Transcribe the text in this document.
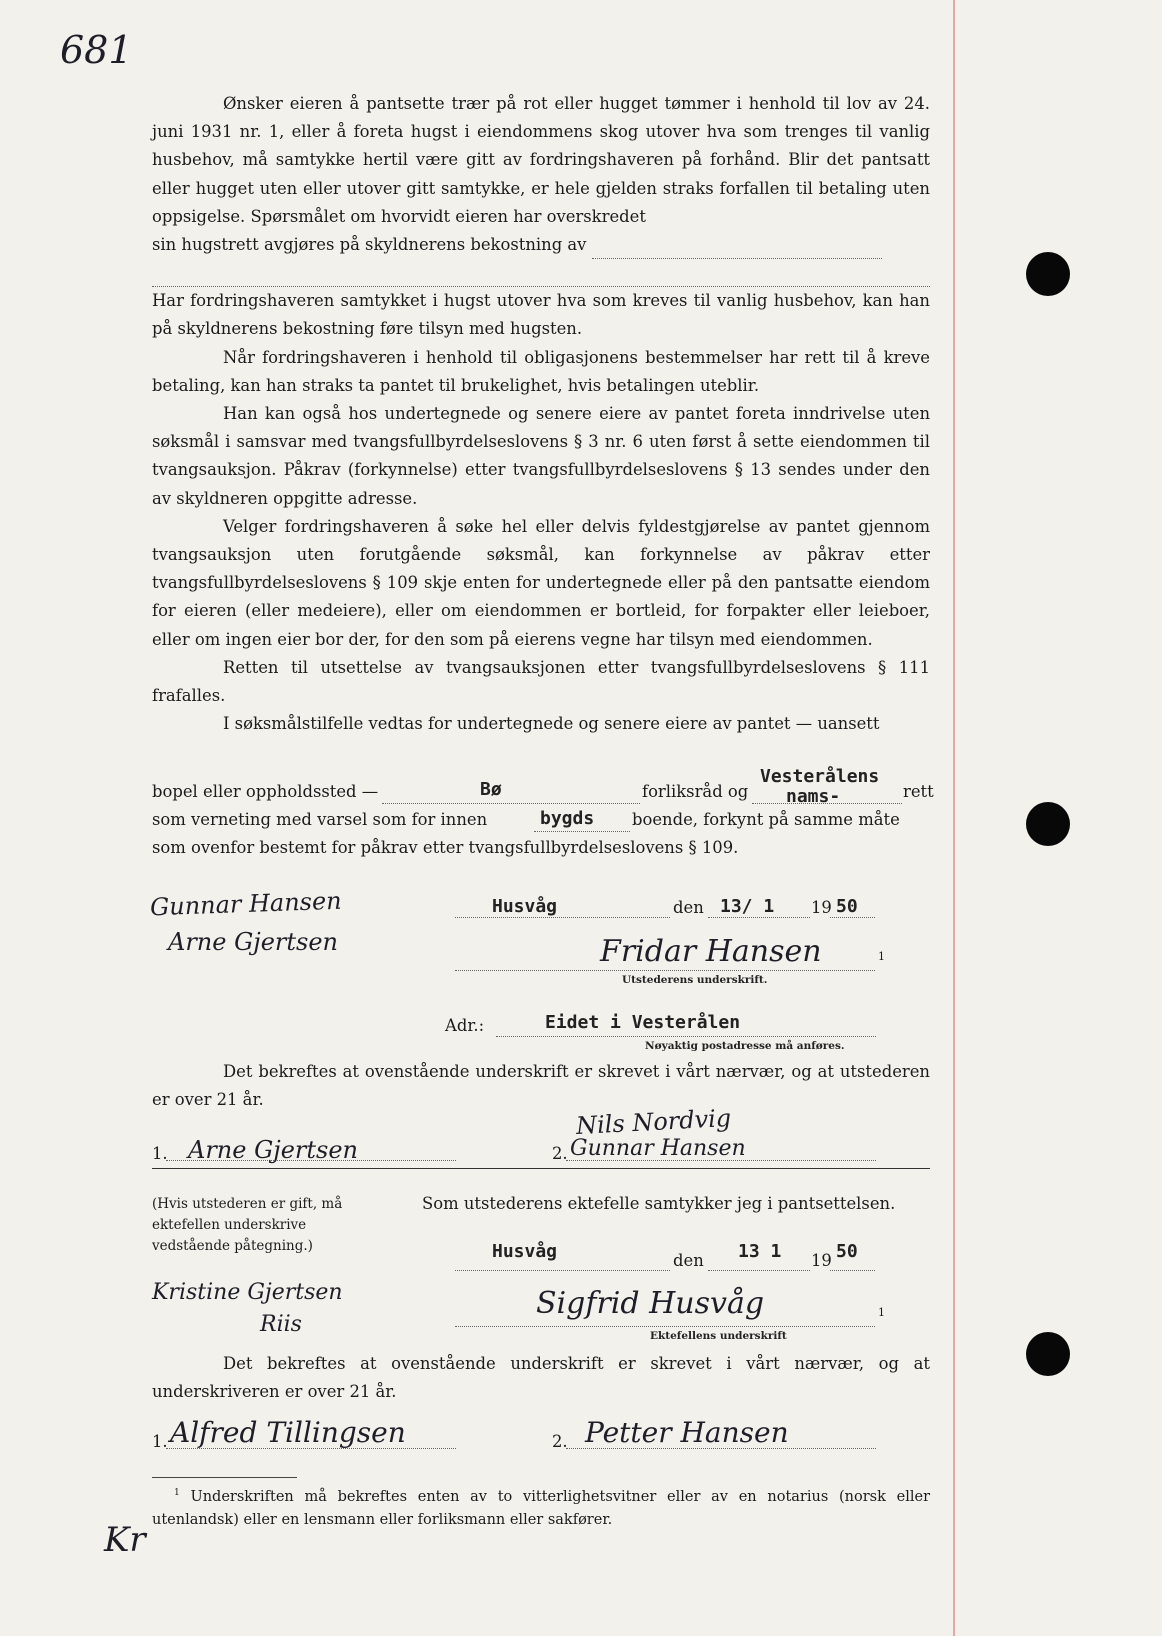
681

Ønsker eieren å pantsette trær på rot eller hugget tømmer i henhold til lov av 24. juni 1931 nr. 1, eller å foreta hugst i eiendommens skog utover hva som trenges til vanlig husbehov, må samtykke hertil være gitt av fordringshaveren på forhånd. Blir det pantsatt eller hugget uten eller utover gitt samtykke, er hele gjelden straks forfallen til betaling uten oppsigelse. Spørsmålet om hvorvidt eieren har overskredet

sin hugstrett avgjøres på skyldnerens bekostning av

Har fordringshaveren samtykket i hugst utover hva som kreves til vanlig husbehov, kan han på skyldnerens bekostning føre tilsyn med hugsten.

Når fordringshaveren i henhold til obligasjonens bestemmelser har rett til å kreve betaling, kan han straks ta pantet til brukelighet, hvis betalingen uteblir.

Han kan også hos undertegnede og senere eiere av pantet foreta inndrivelse uten søksmål i samsvar med tvangsfullbyrdelseslovens § 3 nr. 6 uten først å sette eiendommen til tvangsauksjon. Påkrav (forkynnelse) etter tvangsfullbyrdelseslovens § 13 sendes under den av skyldneren oppgitte adresse.

Velger fordringshaveren å søke hel eller delvis fyldestgjørelse av pantet gjennom tvangsauksjon uten forutgående søksmål, kan forkynnelse av påkrav etter tvangsfullbyrdelseslovens § 109 skje enten for undertegnede eller på den pantsatte eiendom for eieren (eller medeiere), eller om eiendommen er bortleid, for forpakter eller leieboer, eller om ingen eier bor der, for den som på eierens vegne har tilsyn med eiendommen.

Retten til utsettelse av tvangsauksjonen etter tvangsfullbyrdelseslovens § 111 frafalles.

I søksmålstilfelle vedtas for undertegnede og senere eiere av pantet — uansett

bopel eller oppholdssted —	Bø	forliksråd og
Vesterålens
nams-	rett
som verneting med varsel som for innen	bygds boende, forkynt på samme måte
som ovenfor bestemt for påkrav etter tvangsfullbyrdelseslovens § 109.
Gunnar Hansen
Arne Gjertsen
Husvåg	den 13/ 1 19 50
Fridar Hansen	1
Utstederens underskrift.
Adr.:	Eidet i Vesterålen
Nøyaktig postadresse må anføres.

Det bekreftes at ovenstående underskrift er skrevet i vårt nærvær, og at utstederen er over 21 år.

Nils Nordvig
1. Arne Gjertsen	2. Gunnar Hansen
(Hvis utstederen er gift, må ektefellen underskrive vedstående påtegning.)
Som utstederens ektefelle samtykker jeg i pantsettelsen.
Husvåg	den 13 1 19 50
Kristine Gjertsen
Riis
Sigfrid Husvåg	1
Ektefellens underskrift

Det bekreftes at ovenstående underskrift er skrevet i vårt nærvær, og at underskriveren er over 21 år.

1. Alfred Tillingsen	2. Petter Hansen

$^1$ Underskriften må bekreftes enten av to vitterlighetsvitner eller av en notarius (norsk eller utenlandsk) eller en lensmann eller forliksmann eller sakfører.

Kr
